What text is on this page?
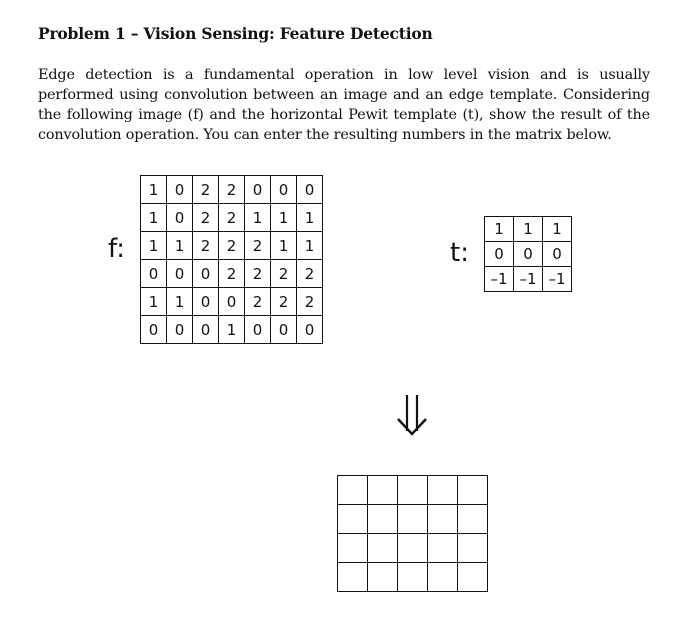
Problem 1 – Vision Sensing: Feature Detection
Edge detection is a fundamental operation in low level vision and is usually performed using convolution between an image and an edge template. Considering the following image (f) and the horizontal Pewit template (t), show the result of the convolution operation. You can enter the resulting numbers in the matrix below.
f:
1	0	2	2	0	0	0
1	0	2	2	1	1	1
1	1	2	2	2	1	1
0	0	0	2	2	2	2
1	1	0	0	2	2	2
0	0	0	1	0	0	0
t:
1	1	1
0	0	0
–1	–1	–1
